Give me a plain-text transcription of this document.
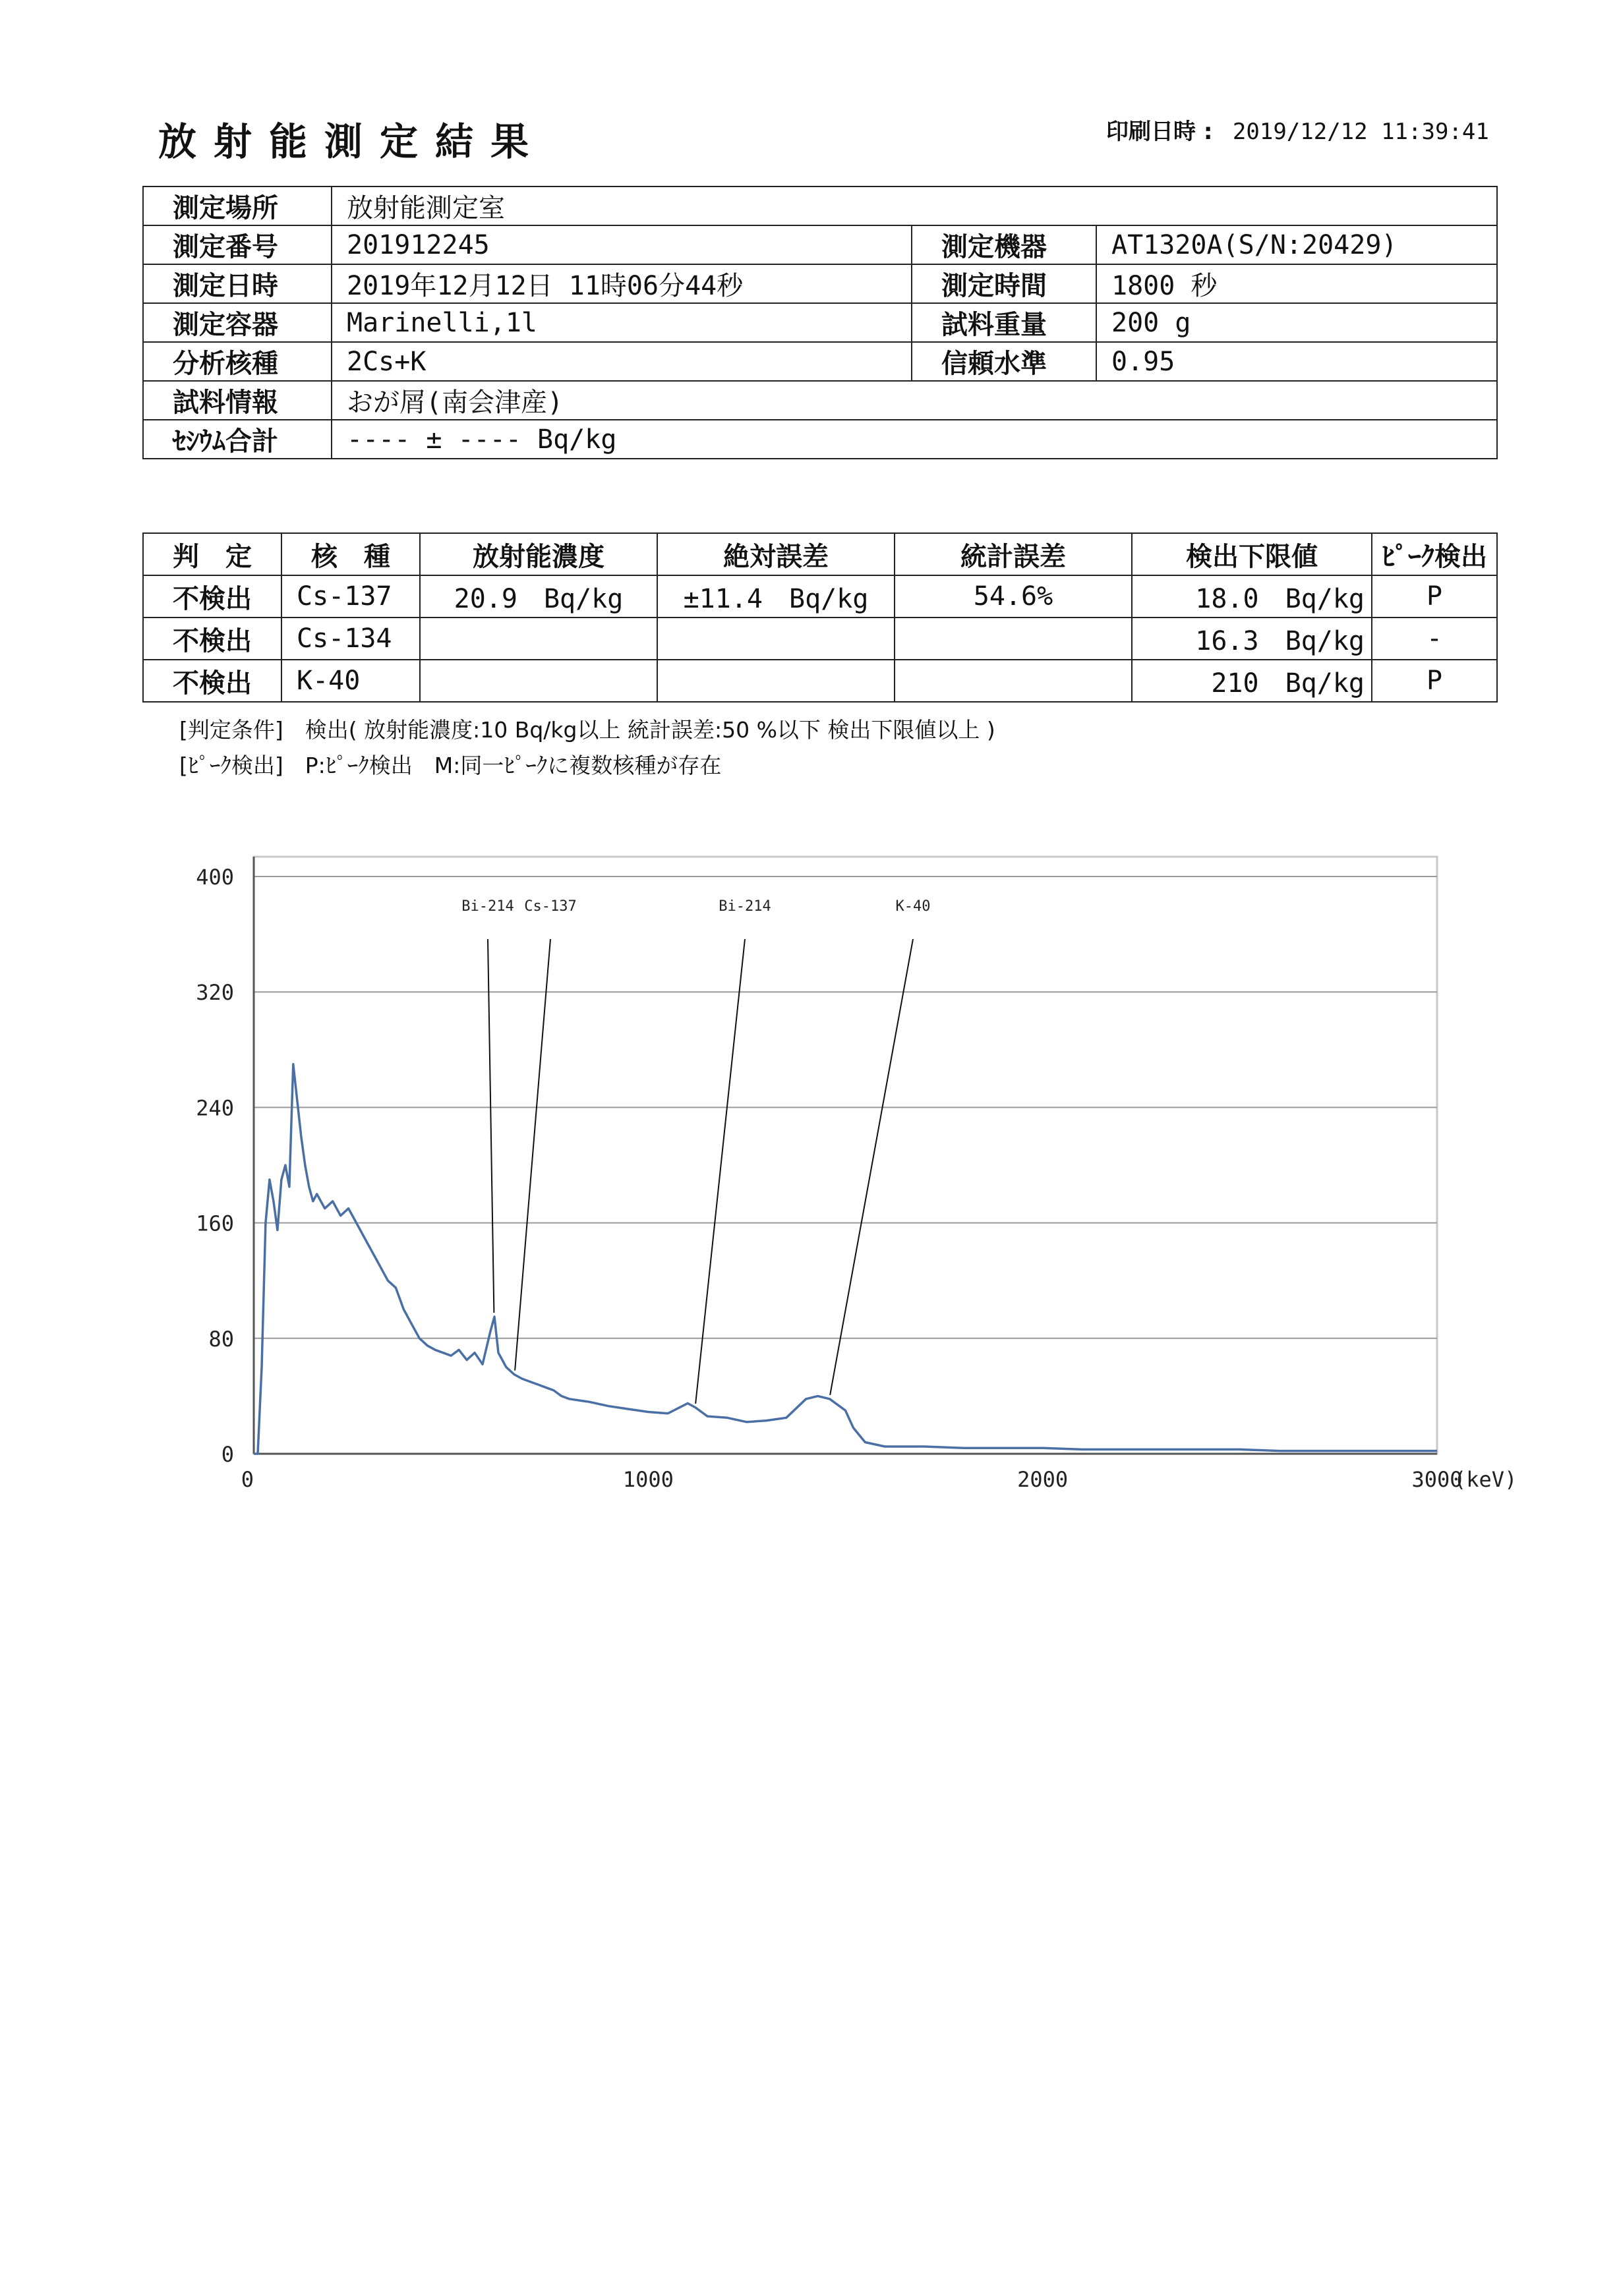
放射能測定結果	印刷日時 : 2019/12/12 11:39:41
測定場所	放射能測定室		
測定番号	201912245	測定機器	AT1320A(S/N:20429)
測定日時	2019年12月12日 11時06分44秒	測定時間	1800 秒
測定容器	Marinelli,1l	試料重量	200 g
分析核種	2Cs+K	信頼水準	0.95
試料情報	おが屑(南会津産)		
ｾｼｳﾑ合計	---- ± ---- Bq/kg		
判　定	核　種	放射能濃度	絶対誤差	統計誤差	検出下限値	ﾋﾟｰｸ検出
不検出	Cs-137	20.9　Bq/kg	±11.4　Bq/kg	54.6%	18.0　Bq/kg	P
不検出	Cs-134				16.3　Bq/kg	-
不検出	K-40				210　Bq/kg	P
[判定条件]　検出( 放射能濃度:10 Bq/kg以上 統計誤差:50 %以下 検出下限値以上 )
[ﾋﾟｰｸ検出]　P:ﾋﾟｰｸ検出　M:同一ﾋﾟｰｸに複数核種が存在
0
80
160
240
320
400
0	1000	2000	3000
(keV)
Bi-214 Cs-137	Bi-214	K-40
